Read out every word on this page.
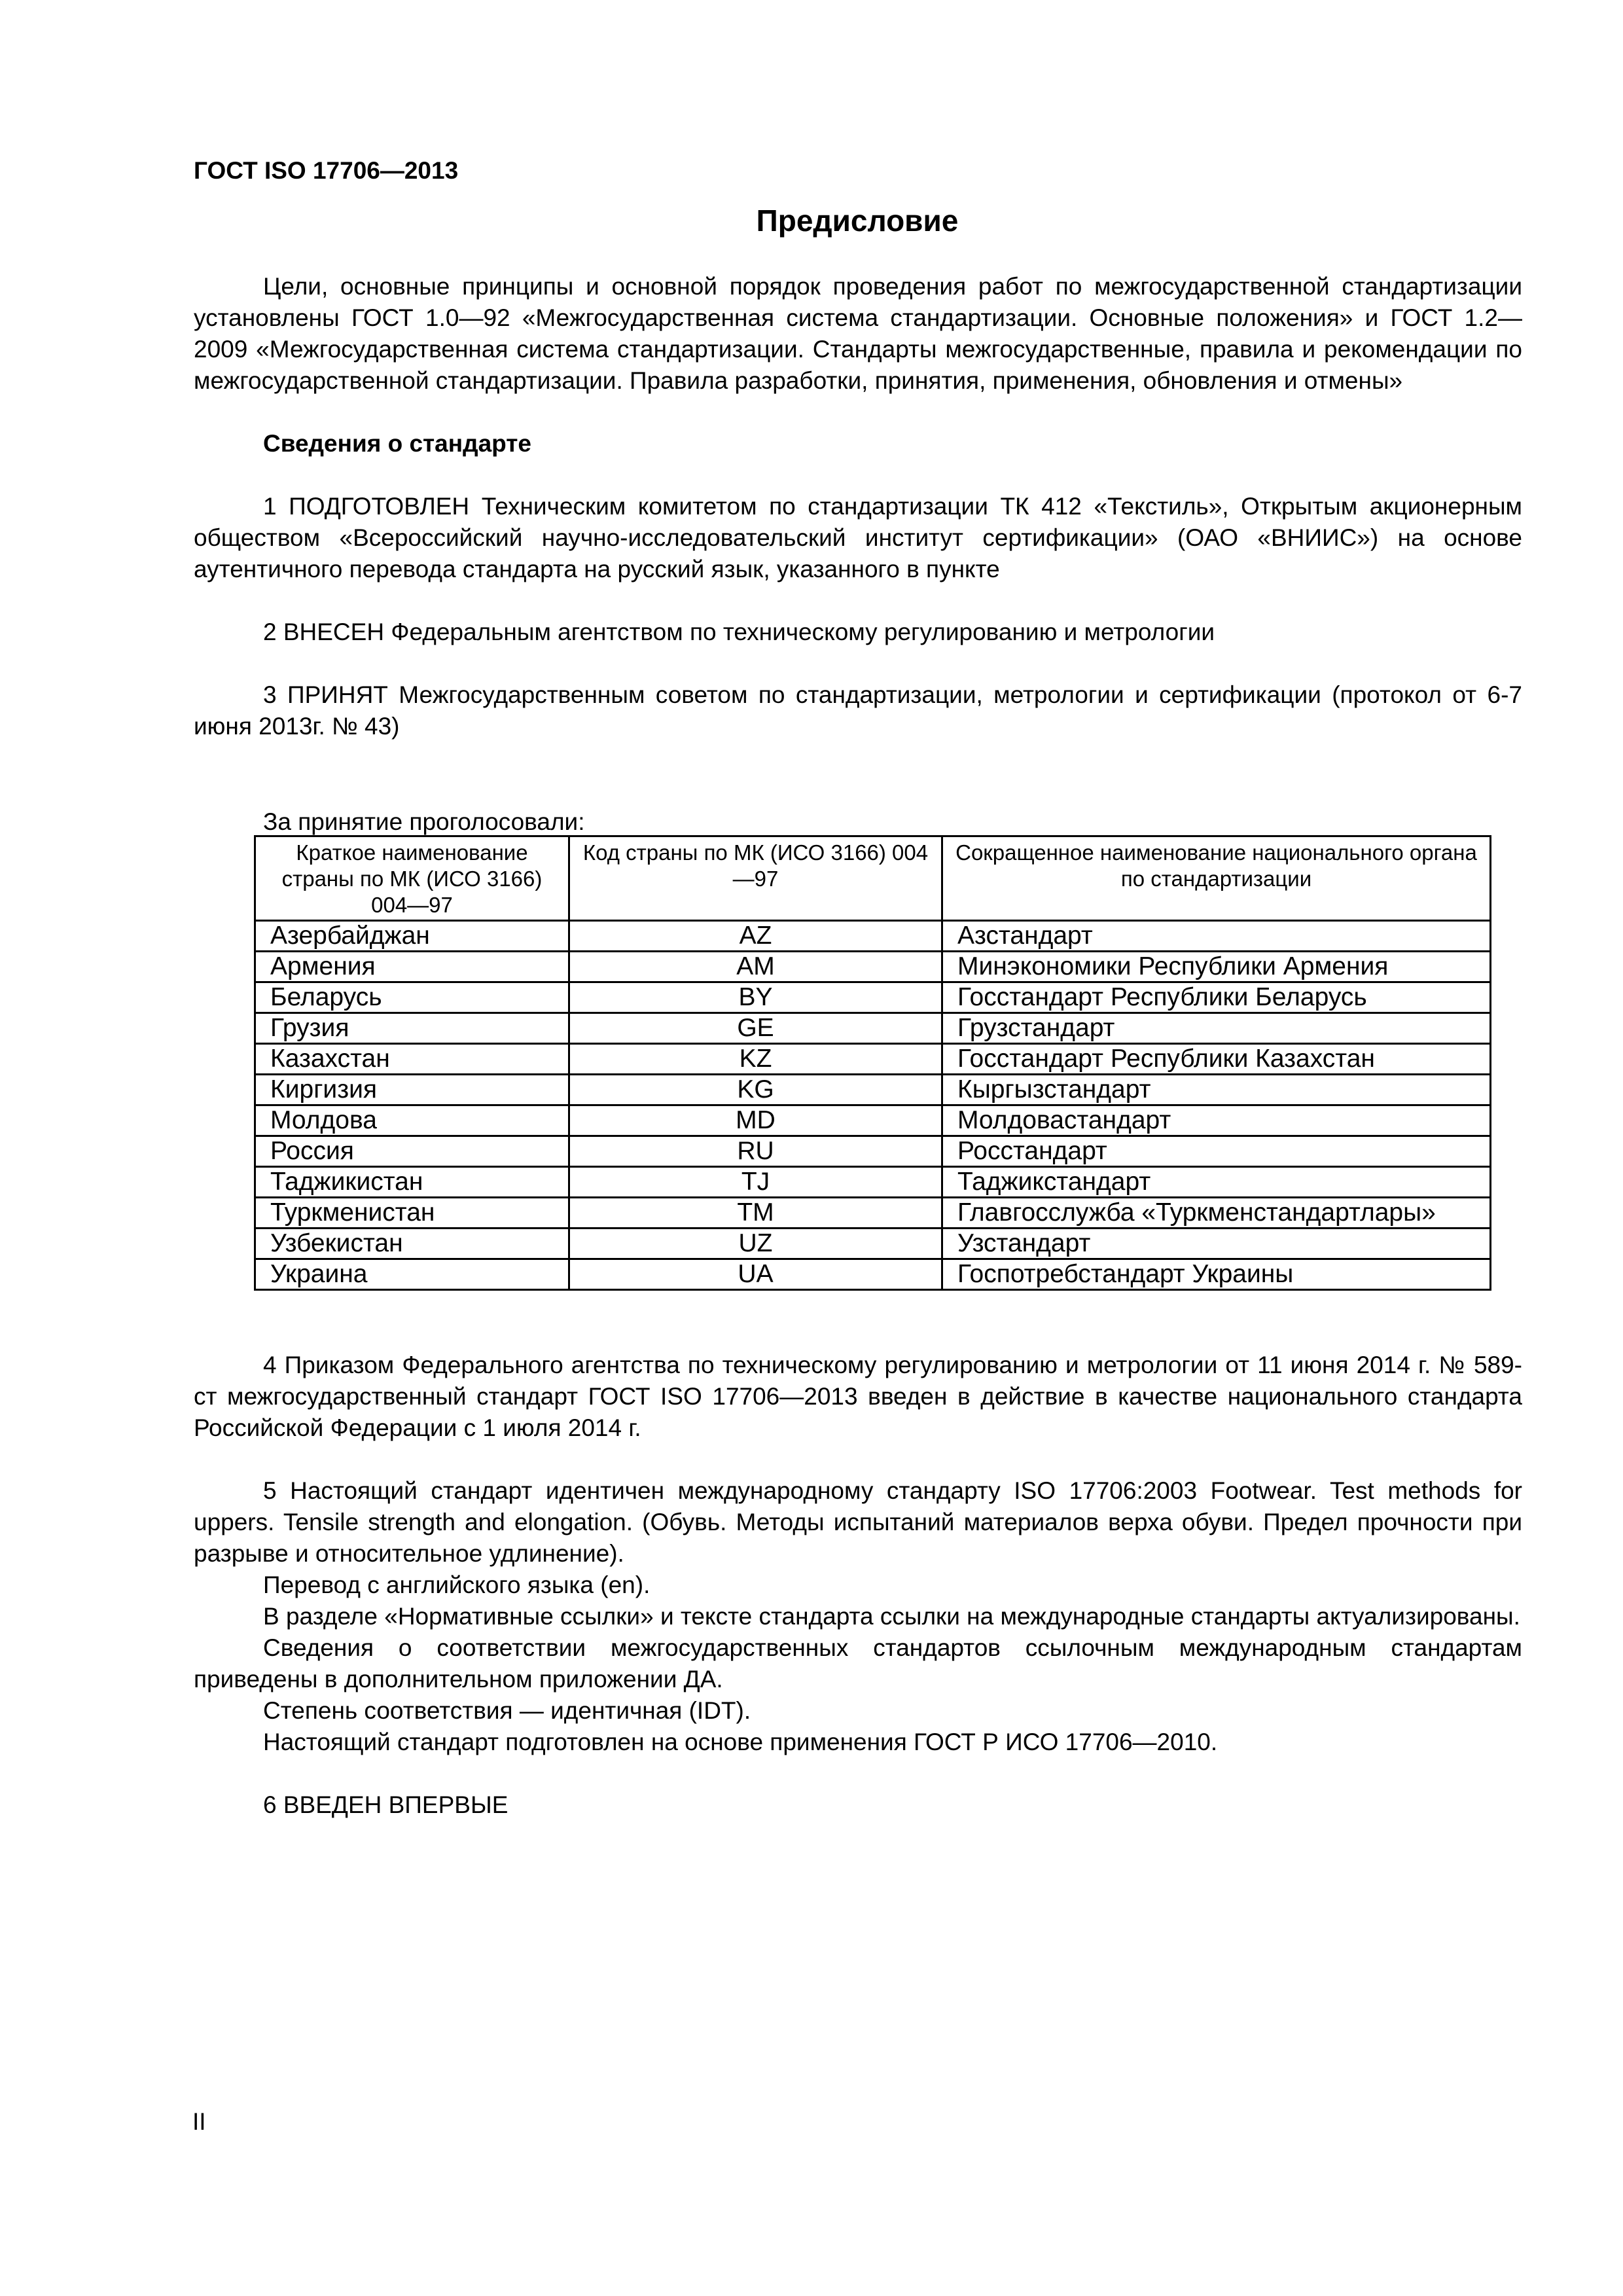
ГОСТ ISO 17706—2013
Предисловие

Цели, основные принципы и основной порядок проведения работ по межгосударственной стандартизации установлены ГОСТ 1.0—92 «Межгосударственная система стандартизации. Основные положения» и ГОСТ 1.2—2009 «Межгосударственная система стандартизации. Стандарты межгосударственные, правила и рекомендации по межгосударственной стандартизации. Правила разработки, принятия, применения, обновления и отмены»

Сведения о стандарте

1 ПОДГОТОВЛЕН Техническим комитетом по стандартизации ТК 412 «Текстиль», Открытым акционерным обществом «Всероссийский научно-исследовательский институт сертификации» (ОАО «ВНИИС») на основе аутентичного перевода стандарта на русский язык, указанного в пункте

2 ВНЕСЕН Федеральным агентством по техническому регулированию и метрологии

3 ПРИНЯТ Межгосударственным советом по стандартизации, метрологии и сертификации (протокол от 6-7 июня 2013г. № 43)

За принятие проголосовали:
Краткое наименование страны по МК (ИСО 3166) 004—97	Код страны по МК (ИСО 3166) 004—97	Сокращенное наименование национального органа по стандартизации
Азербайджан	AZ	Азстандарт
Армения	AM	Минэкономики Республики Армения
Беларусь	BY	Госстандарт Республики Беларусь
Грузия	GE	Грузстандарт
Казахстан	KZ	Госстандарт Республики Казахстан
Киргизия	KG	Кыргызстандарт
Молдова	MD	Молдовастандарт
Россия	RU	Росстандарт
Таджикистан	TJ	Таджикстандарт
Туркменистан	TM	Главгосслужба «Туркменстандартлары»
Узбекистан	UZ	Узстандарт
Украина	UA	Госпотребстандарт Украины

4 Приказом Федерального агентства по техническому регулированию и метрологии от 11 июня 2014 г. № 589-ст межгосударственный стандарт ГОСТ ISO 17706—2013 введен в действие в качестве национального стандарта Российской Федерации с 1 июля 2014 г.

5 Настоящий стандарт идентичен международному стандарту ISO 17706:2003 Footwear. Test methods for uppers. Tensile strength and elongation. (Обувь. Методы испытаний материалов верха обуви. Предел прочности при разрыве и относительное удлинение).

Перевод с английского языка (en).

В разделе «Нормативные ссылки» и тексте стандарта ссылки на международные стандарты актуализированы.

Сведения о соответствии межгосударственных стандартов ссылочным международным стандартам приведены в дополнительном приложении ДА.

Степень соответствия — идентичная (IDT).

Настоящий стандарт подготовлен на основе применения ГОСТ Р ИСО 17706—2010.

6 ВВЕДЕН ВПЕРВЫЕ

II
